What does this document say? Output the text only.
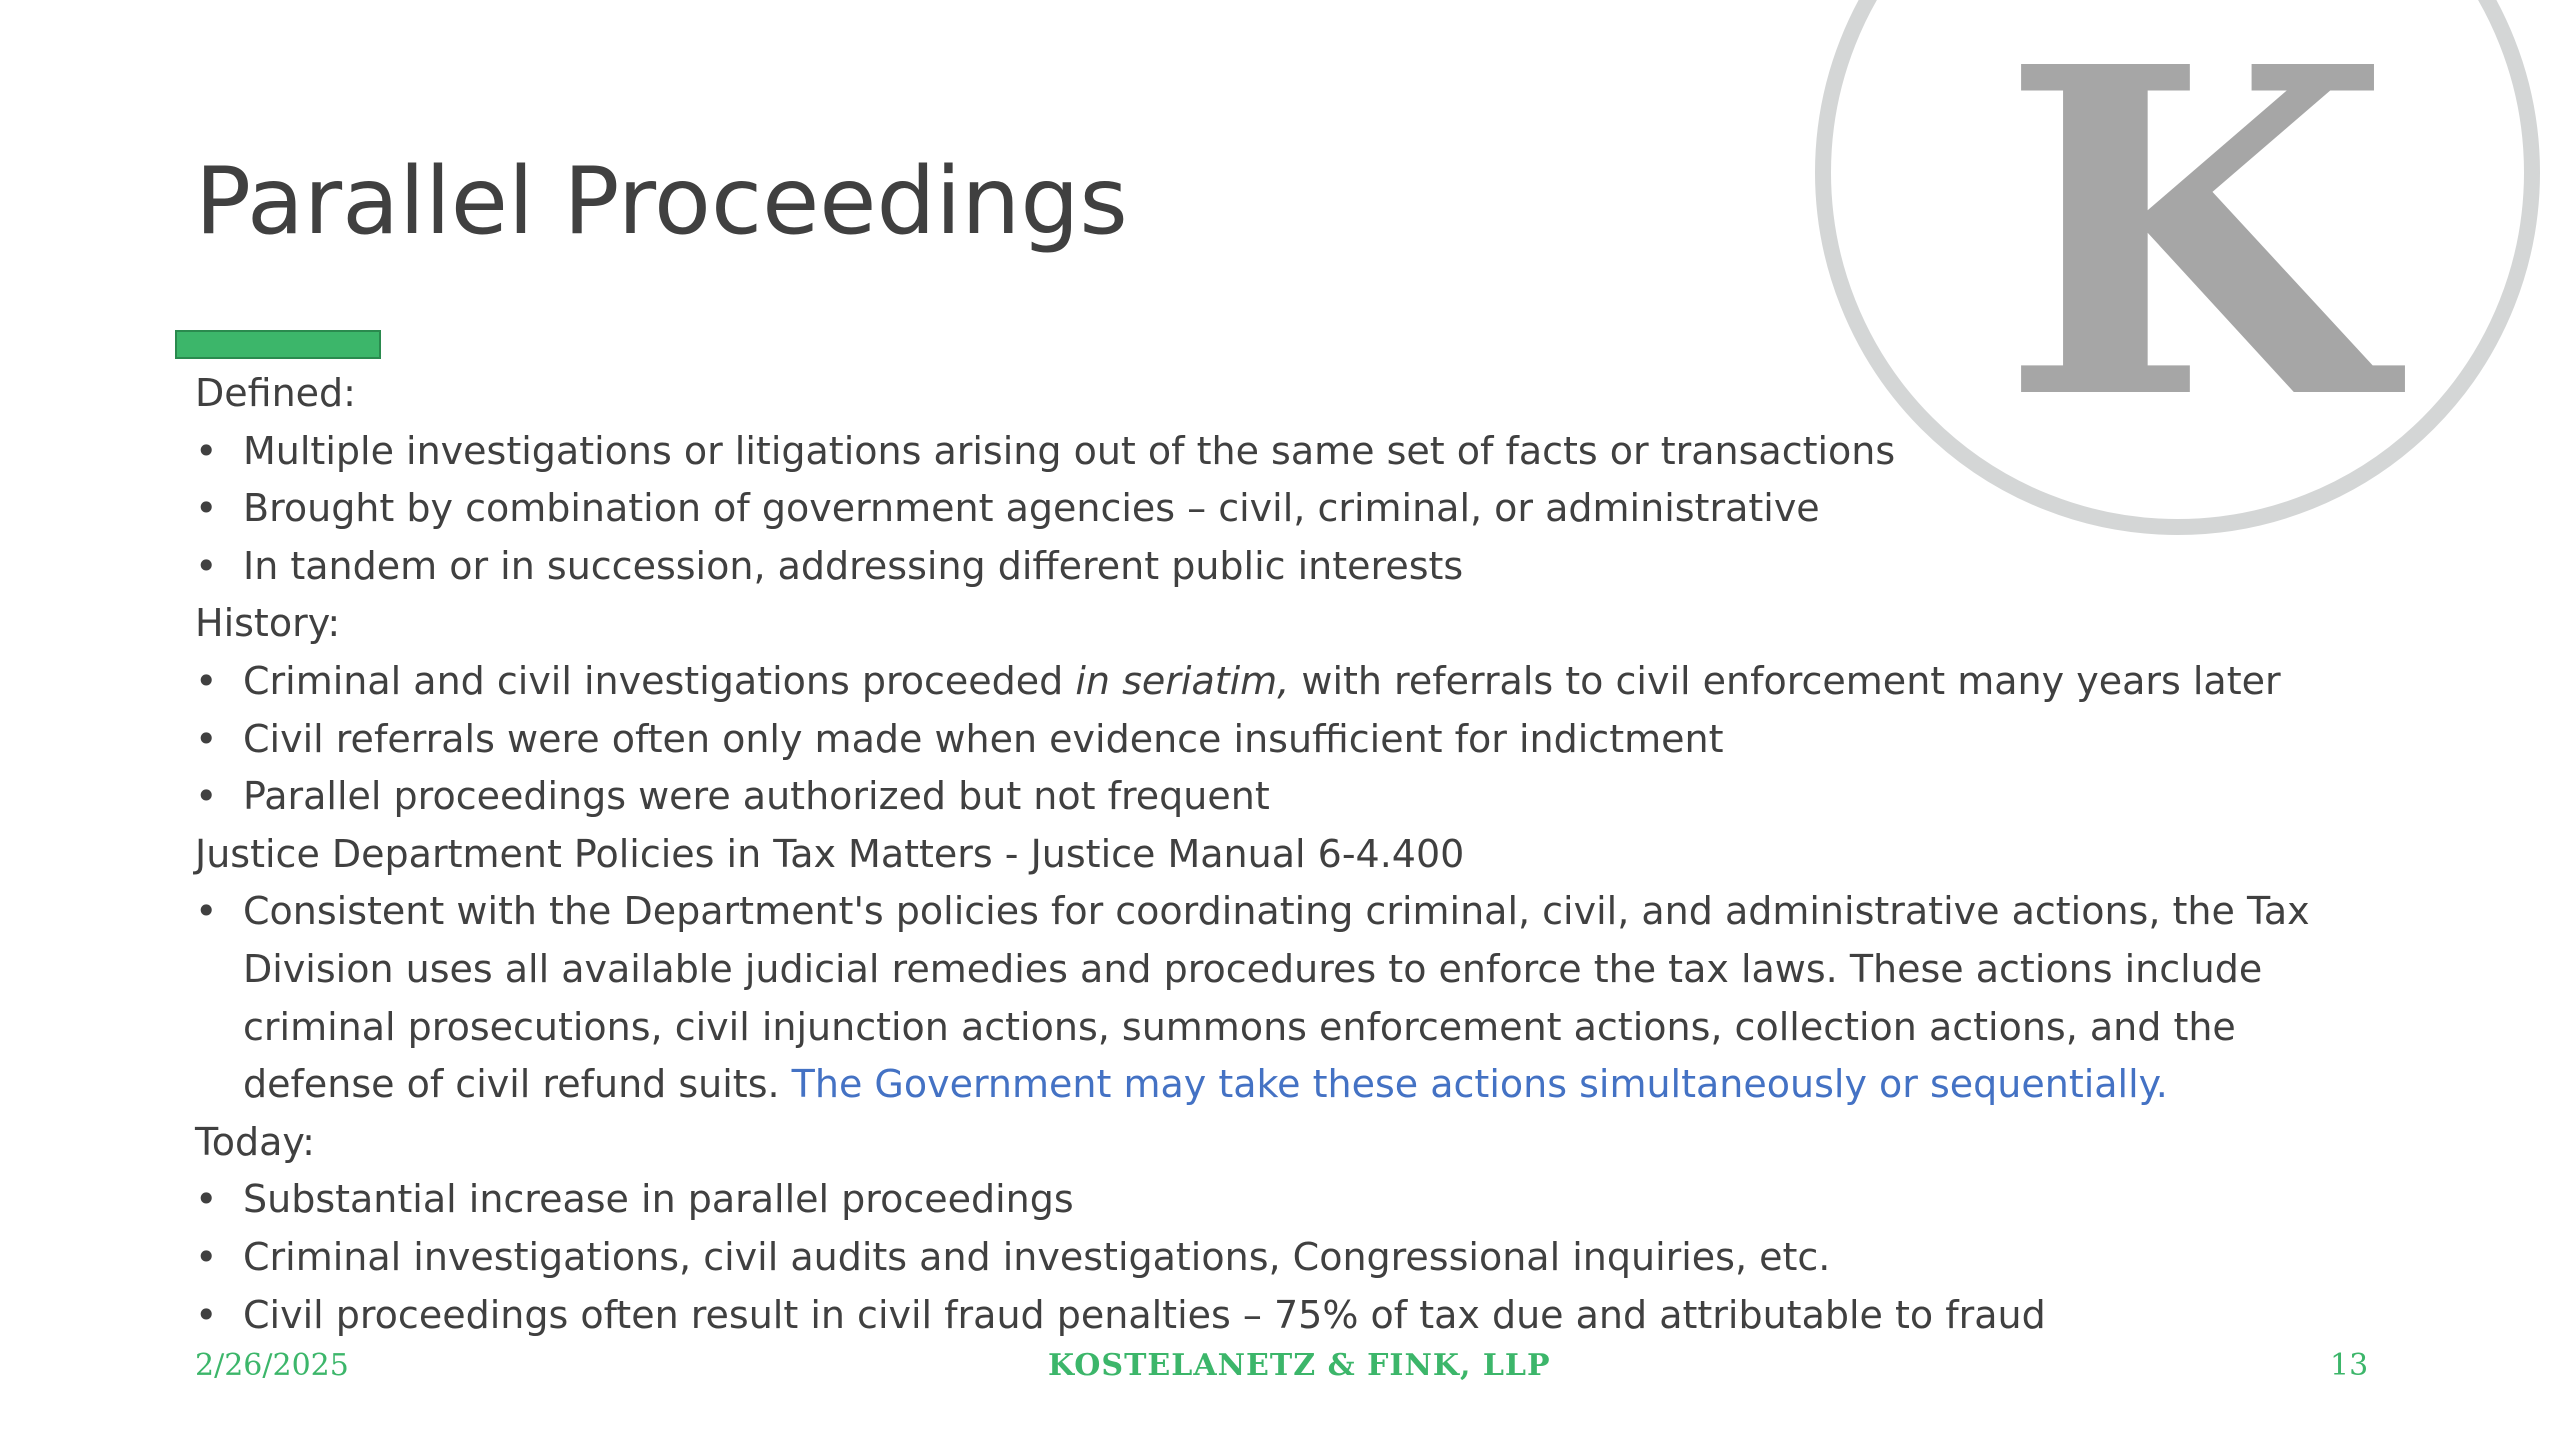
K
Parallel Proceedings
Defined:
• Multiple investigations or litigations arising out of the same set of facts or transactions
• Brought by combination of government agencies – civil, criminal, or administrative
• In tandem or in succession, addressing different public interests
History:
• Criminal and civil investigations proceeded in seriatim, with referrals to civil enforcement many years later
• Civil referrals were often only made when evidence insufficient for indictment
• Parallel proceedings were authorized but not frequent
Justice Department Policies in Tax Matters - Justice Manual 6-4.400
• Consistent with the Department's policies for coordinating criminal, civil, and administrative actions, the Tax Division uses all available judicial remedies and procedures to enforce the tax laws. These actions include criminal prosecutions, civil injunction actions, summons enforcement actions, collection actions, and the defense of civil refund suits. The Government may take these actions simultaneously or sequentially.
Today:
• Substantial increase in parallel proceedings
• Criminal investigations, civil audits and investigations, Congressional inquiries, etc.
• Civil proceedings often result in civil fraud penalties – 75% of tax due and attributable to fraud
2/26/2025	KOSTELANETZ & FINK, LLP	13
